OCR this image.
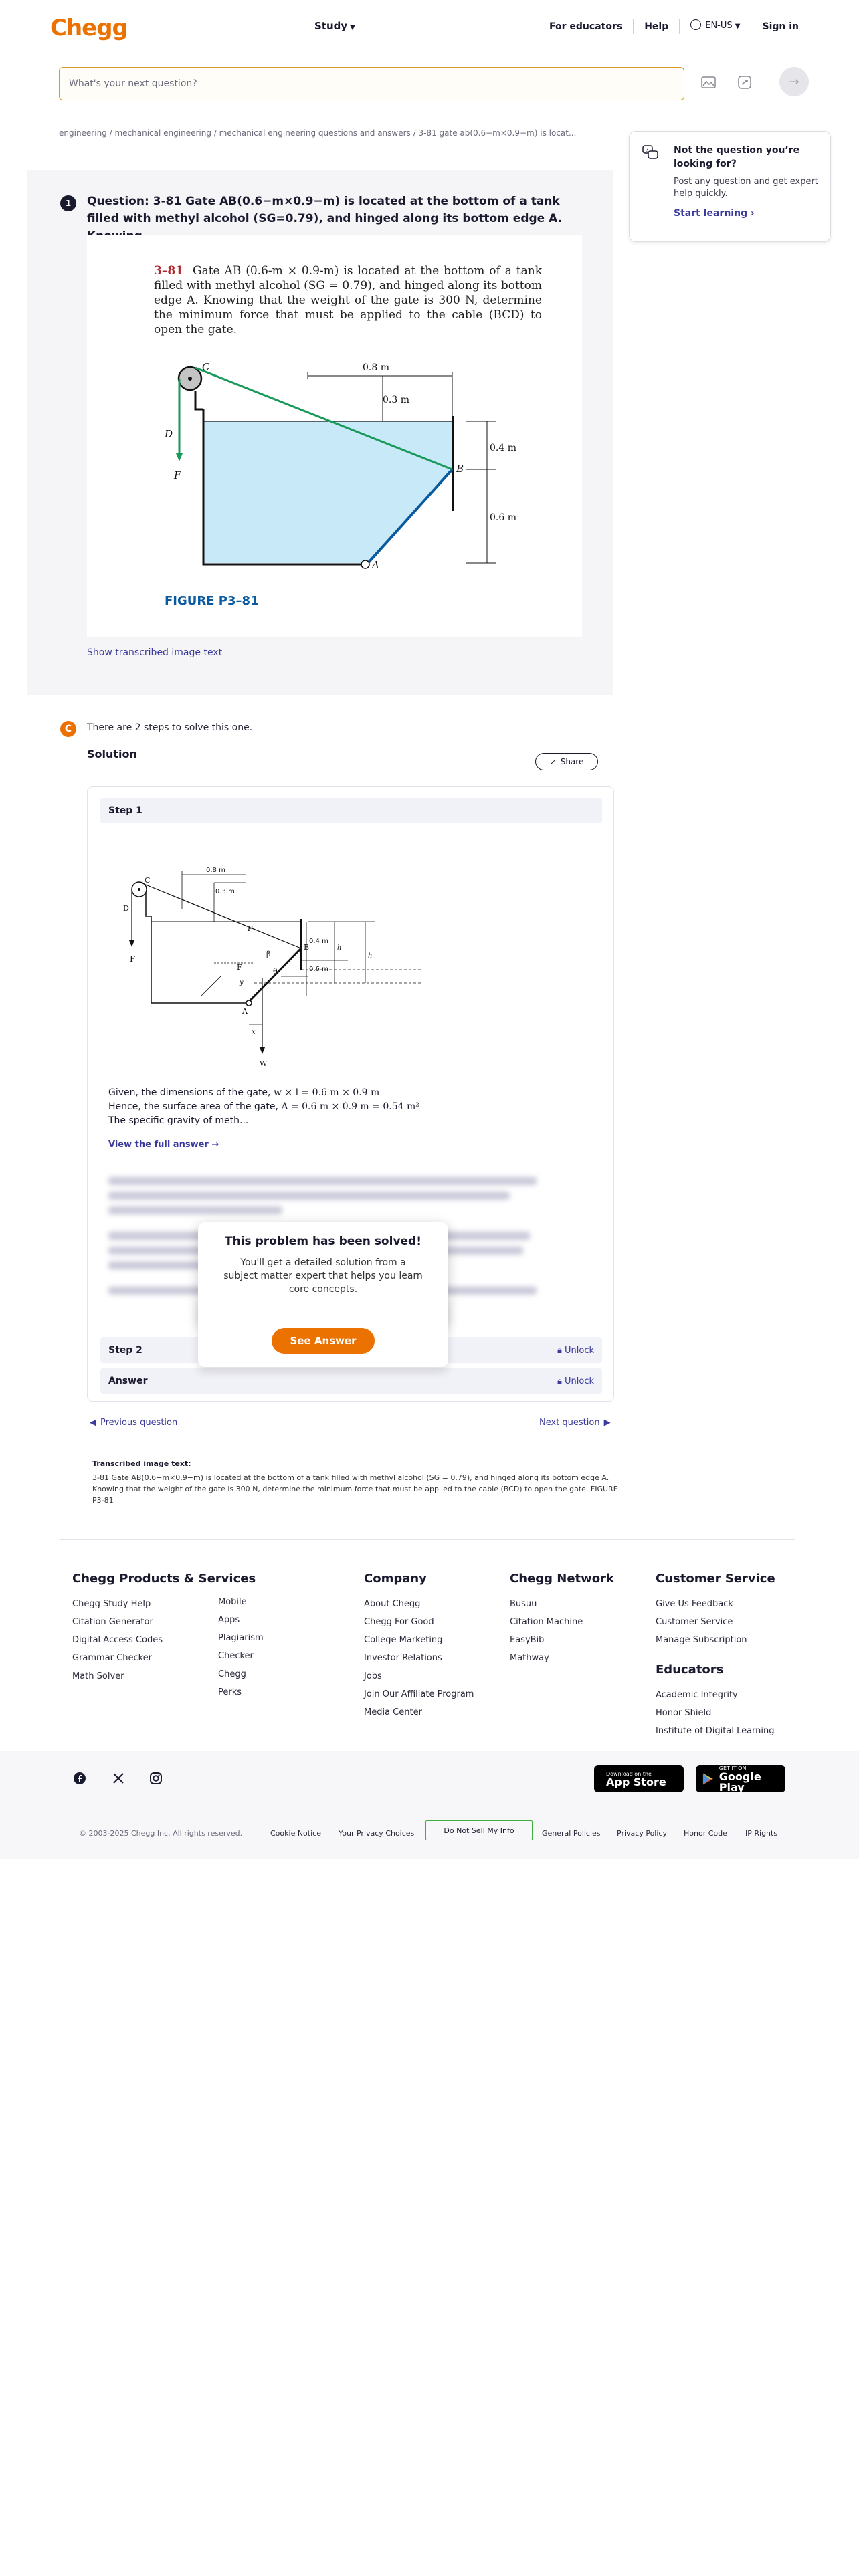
Chegg	Study ▼	For educators	Help	EN-US ▼	Sign in
What's your next question?
→
engineering / mechanical engineering / mechanical engineering questions and answers / 3-81 gate ab(0.6−m×0.9−m) is locat...
?	Not the question you’re looking for?
Post any question and get expert help quickly.
Start learning ›
1	Question: 3-81 Gate AB(0.6−m×0.9−m) is located at the bottom of a tank filled with methyl alcohol (SG=0.79), and hinged along its bottom edge A.
3–81 Gate AB (0.6-m × 0.9-m) is located at the bottom of a tank filled with methyl alcohol (SG = 0.79), and hinged along its bottom edge A. Knowing that the weight of the gate is 300 N, determine the minimum force that must be applied to the cable (BCD) to open the gate.
0.8 m
0.3 m
0.4 m
0.6 m
C
D
F
B
A
FIGURE P3–81
Show transcribed image text
C	There are 2 steps to solve this one.
Solution
↗ Share
Step 1
C
D
F
0.8 m
0.3 m
0.4 m
0.6 m
P
B
A
W
F
y
β
θ
h
h
x
Given, the dimensions of the gate, w × l = 0.6 m × 0.9 m
Hence, the surface area of the gate, A = 0.6 m × 0.9 m = 0.54 m²
The specific gravity of meth...
View the full answer →
Step 2	🔒︎ Unlock
Answer	🔒︎ Unlock
This problem has been solved!
You'll get a detailed solution from a subject matter expert that helps you learn core concepts.
See Answer
◀ Previous question	Next question ▶
Transcribed image text:
3-81 Gate AB(0.6−m×0.9−m) is located at the bottom of a tank filled with methyl alcohol (SG = 0.79), and hinged along its bottom edge A. Knowing that the weight of the gate is 300 N, determine the minimum force that must be applied to the cable (BCD) to open the gate. FIGURE P3-81
Chegg Products & Services
Chegg Study Help
Citation Generator
Digital Access Codes
Grammar Checker
Math Solver
Mobile Apps
Plagiarism Checker
Chegg Perks
Company
About Chegg
Chegg For Good
College Marketing
Investor Relations
Jobs
Join Our Affiliate Program
Media Center
Chegg Network
Busuu
Citation Machine
EasyBib
Mathway
Customer Service
Give Us Feedback
Customer Service
Manage Subscription
Educators
Academic Integrity
Honor Shield
Institute of Digital Learning
Download on the
App Store
GET IT ON
Google Play
© 2003-2025 Chegg Inc. All rights reserved.	Cookie Notice Your Privacy Choices	Do Not Sell My Info	General Policies Privacy Policy Honor Code IP Rights
